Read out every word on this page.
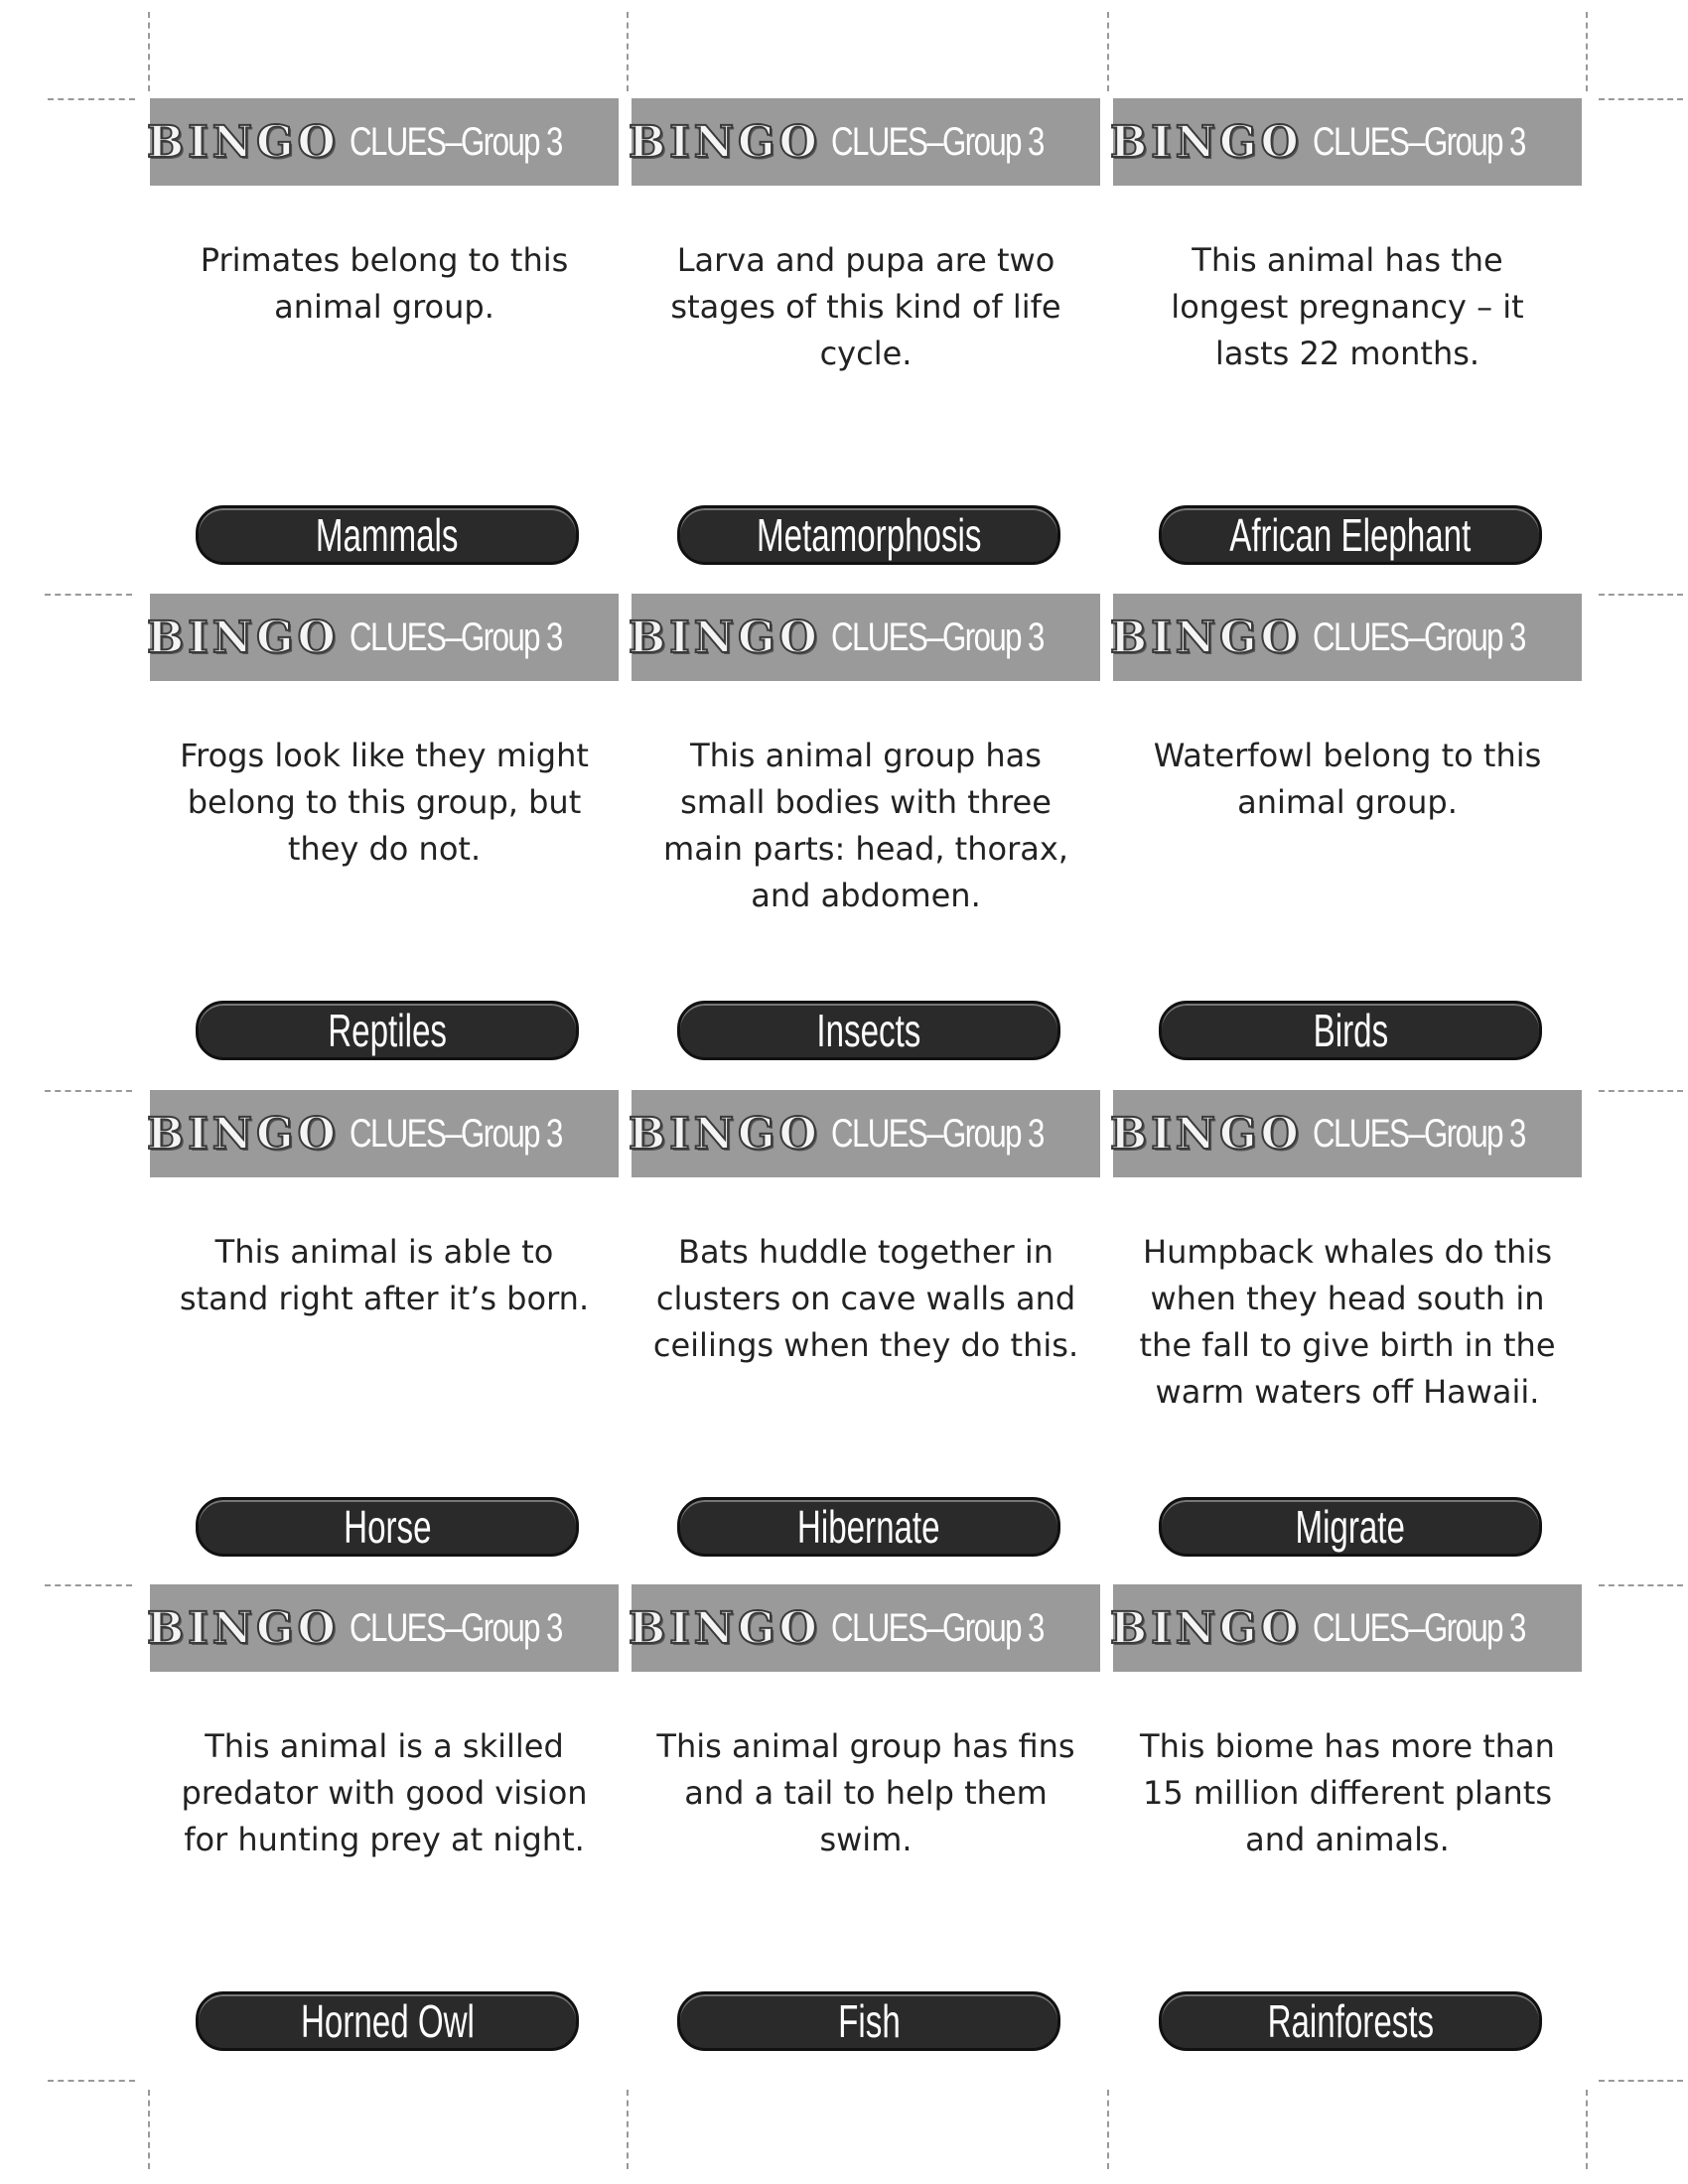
BINGO CLUES–Group 3
Primates belong to this animal group.
Mammals
BINGO CLUES–Group 3
Larva and pupa are two stages of this kind of life cycle.
Metamorphosis
BINGO CLUES–Group 3
This animal has the longest pregnancy – it lasts 22 months.
African Elephant
BINGO CLUES–Group 3
Frogs look like they might belong to this group, but they do not.
Reptiles
BINGO CLUES–Group 3
This animal group has small bodies with three main parts: head, thorax, and abdomen.
Insects
BINGO CLUES–Group 3
Waterfowl belong to this animal group.
Birds
BINGO CLUES–Group 3
This animal is able to stand right after it’s born.
Horse
BINGO CLUES–Group 3
Bats huddle together in clusters on cave walls and ceilings when they do this.
Hibernate
BINGO CLUES–Group 3
Humpback whales do this when they head south in the fall to give birth in the warm waters off Hawaii.
Migrate
BINGO CLUES–Group 3
This animal is a skilled predator with good vision for hunting prey at night.
Horned Owl
BINGO CLUES–Group 3
This animal group has fins and a tail to help them swim.
Fish
BINGO CLUES–Group 3
This biome has more than 15 million different plants and animals.
Rainforests
